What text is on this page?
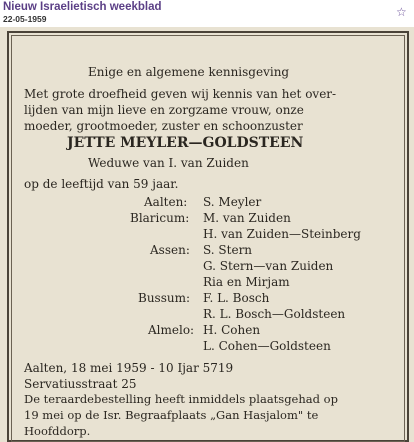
Nieuw Israelietisch weekblad
22-05-1959	☆
Enige en algemene kennisgeving
Met grote droefheid geven wij kennis van het over-
lijden van mijn lieve en zorgzame vrouw, onze
moeder, grootmoeder, zuster en schoonzuster
JETTE MEYLER—GOLDSTEEN
Weduwe van I. van Zuiden
op de leeftijd van 59 jaar.
Aalten: S. Meyler
Blaricum: M. van Zuiden
H. van Zuiden—Steinberg
Assen: S. Stern
G. Stern—van Zuiden
Ria en Mirjam
Bussum: F. L. Bosch
R. L. Bosch—Goldsteen
Almelo: H. Cohen
L. Cohen—Goldsteen
Aalten, 18 mei 1959 - 10 Ijar 5719
Servatiusstraat 25
De teraardebestelling heeft inmiddels plaatsgehad op
19 mei op de Isr. Begraafplaats „Gan Hasjalom" te
Hoofddorp.
